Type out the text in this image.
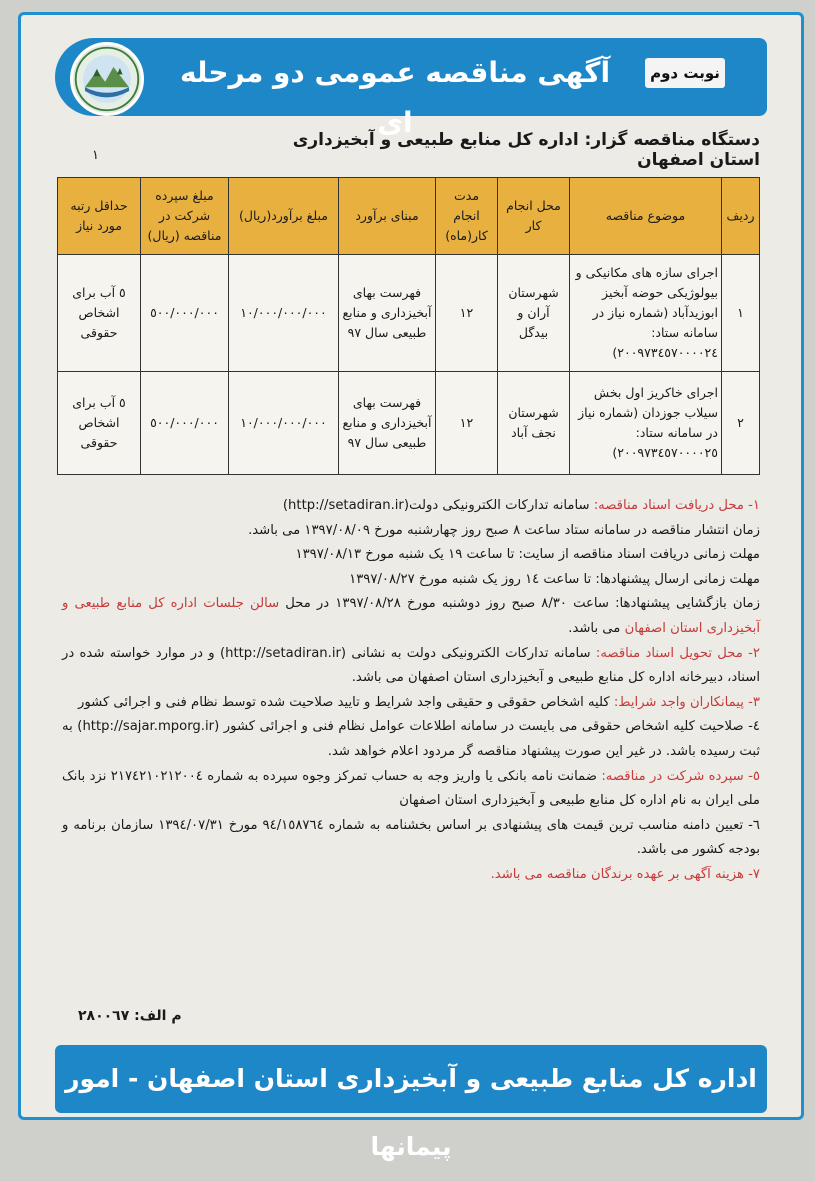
آگهی مناقصه عمومی دو مرحله ای
نوبت دوم
دستگاه مناقصه گزار: اداره کل منابع طبیعی و آبخیزداری استان اصفهان
١
ردیف	موضوع مناقصه	محل انجام کار	مدت انجام کار(ماه)	مبنای برآورد	مبلغ برآورد(ریال)	مبلغ سپرده شرکت در مناقصه (ریال)	حداقل رتبه مورد نیاز
١	اجرای سازه های مکانیکی و بیولوژیکی حوضه آبخیز ابوزیدآباد (شماره نیاز در سامانه ستاد: ٢٠٠٩٧٣٤٥٧٠٠٠٠٢٤)	شهرستان آران و بیدگل	١٢	فهرست بهای آبخیزداری و منابع طبیعی سال ٩٧	١٠/٠٠٠/٠٠٠/٠٠٠	٥٠٠/٠٠٠/٠٠٠	٥ آب برای اشخاص حقوقی
٢	اجرای خاکریز اول بخش سیلاب جوزدان (شماره نیاز در سامانه ستاد: ٢٠٠٩٧٣٤٥٧٠٠٠٠٢٥)	شهرستان نجف آباد	١٢	فهرست بهای آبخیزداری و منابع طبیعی سال ٩٧	١٠/٠٠٠/٠٠٠/٠٠٠	٥٠٠/٠٠٠/٠٠٠	٥ آب برای اشخاص حقوقی

١- محل دریافت اسناد مناقصه: سامانه تدارکات الکترونیکی دولت(http://setadiran.ir)

زمان انتشار مناقصه در سامانه ستاد ساعت ٨ صبح روز چهارشنبه مورخ ١٣٩٧/٠٨/٠٩ می باشد.

مهلت زمانی دریافت اسناد مناقصه از سایت: تا ساعت ١٩ یک شنبه مورخ ١٣٩٧/٠٨/١٣

مهلت زمانی ارسال پیشنهادها: تا ساعت ١٤ روز یک شنبه مورخ ١٣٩٧/٠٨/٢٧

زمان بازگشایی پیشنهادها: ساعت ٨/٣٠ صبح روز دوشنبه مورخ ١٣٩٧/٠٨/٢٨ در محل سالن جلسات اداره کل منابع طبیعی و آبخیزداری استان اصفهان می باشد.

٢- محل تحویل اسناد مناقصه: سامانه تدارکات الکترونیکی دولت به نشانی (http://setadiran.ir) و در موارد خواسته شده در اسناد، دبیرخانه اداره کل منابع طبیعی و آبخیزداری استان اصفهان می باشد.

٣- پیمانکاران واجد شرایط: کلیه اشخاص حقوقی و حقیقی واجد شرایط و تایید صلاحیت شده توسط نظام فنی و اجرائی کشور

٤- صلاحیت کلیه اشخاص حقوقی می بایست در سامانه اطلاعات عوامل نظام فنی و اجرائی کشور (http://sajar.mporg.ir) به ثبت رسیده باشد. در غیر این صورت پیشنهاد مناقصه گر مردود اعلام خواهد شد.

٥- سپرده شرکت در مناقصه: ضمانت نامه بانکی یا واریز وجه به حساب تمرکز وجوه سپرده به شماره ٢١٧٤٢١٠٢١٢٠٠٤ نزد بانک ملی ایران به نام اداره کل منابع طبیعی و آبخیزداری استان اصفهان

٦- تعیین دامنه مناسب ترین قیمت های پیشنهادی بر اساس بخشنامه به شماره ٩٤/١٥٨٧٦٤ مورخ ١٣٩٤/٠٧/٣١ سازمان برنامه و بودجه کشور می باشد.

٧- هزینه آگهی بر عهده برندگان مناقصه می باشد.

م الف: ٢٨٠٠٦٧
اداره کل منابع طبیعی و آبخیزداری استان اصفهان - امور پیمانها
